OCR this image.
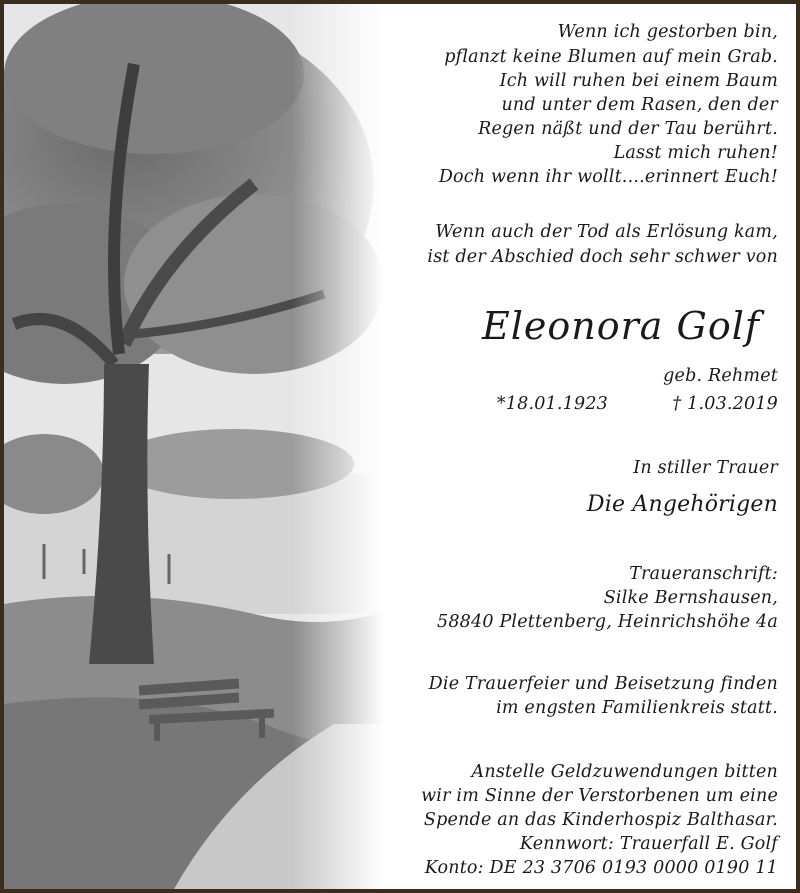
Wenn ich gestorben bin,
pflanzt keine Blumen auf mein Grab.
Ich will ruhen bei einem Baum
und unter dem Rasen, den der
Regen näßt und der Tau berührt.
Lasst mich ruhen!
Doch wenn ihr wollt....erinnert Euch!
Wenn auch der Tod als Erlösung kam,
ist der Abschied doch sehr schwer von
Eleonora Golf
geb. Rehmet
*18.01.1923	† 1.03.2019
In stiller Trauer
Die Angehörigen
Traueranschrift:
Silke Bernshausen,
58840 Plettenberg, Heinrichshöhe 4a
Die Trauerfeier und Beisetzung finden
im engsten Familienkreis statt.
Anstelle Geldzuwendungen bitten
wir im Sinne der Verstorbenen um eine
Spende an das Kinderhospiz Balthasar.
Kennwort: Trauerfall E. Golf
Konto: DE 23 3706 0193 0000 0190 11
